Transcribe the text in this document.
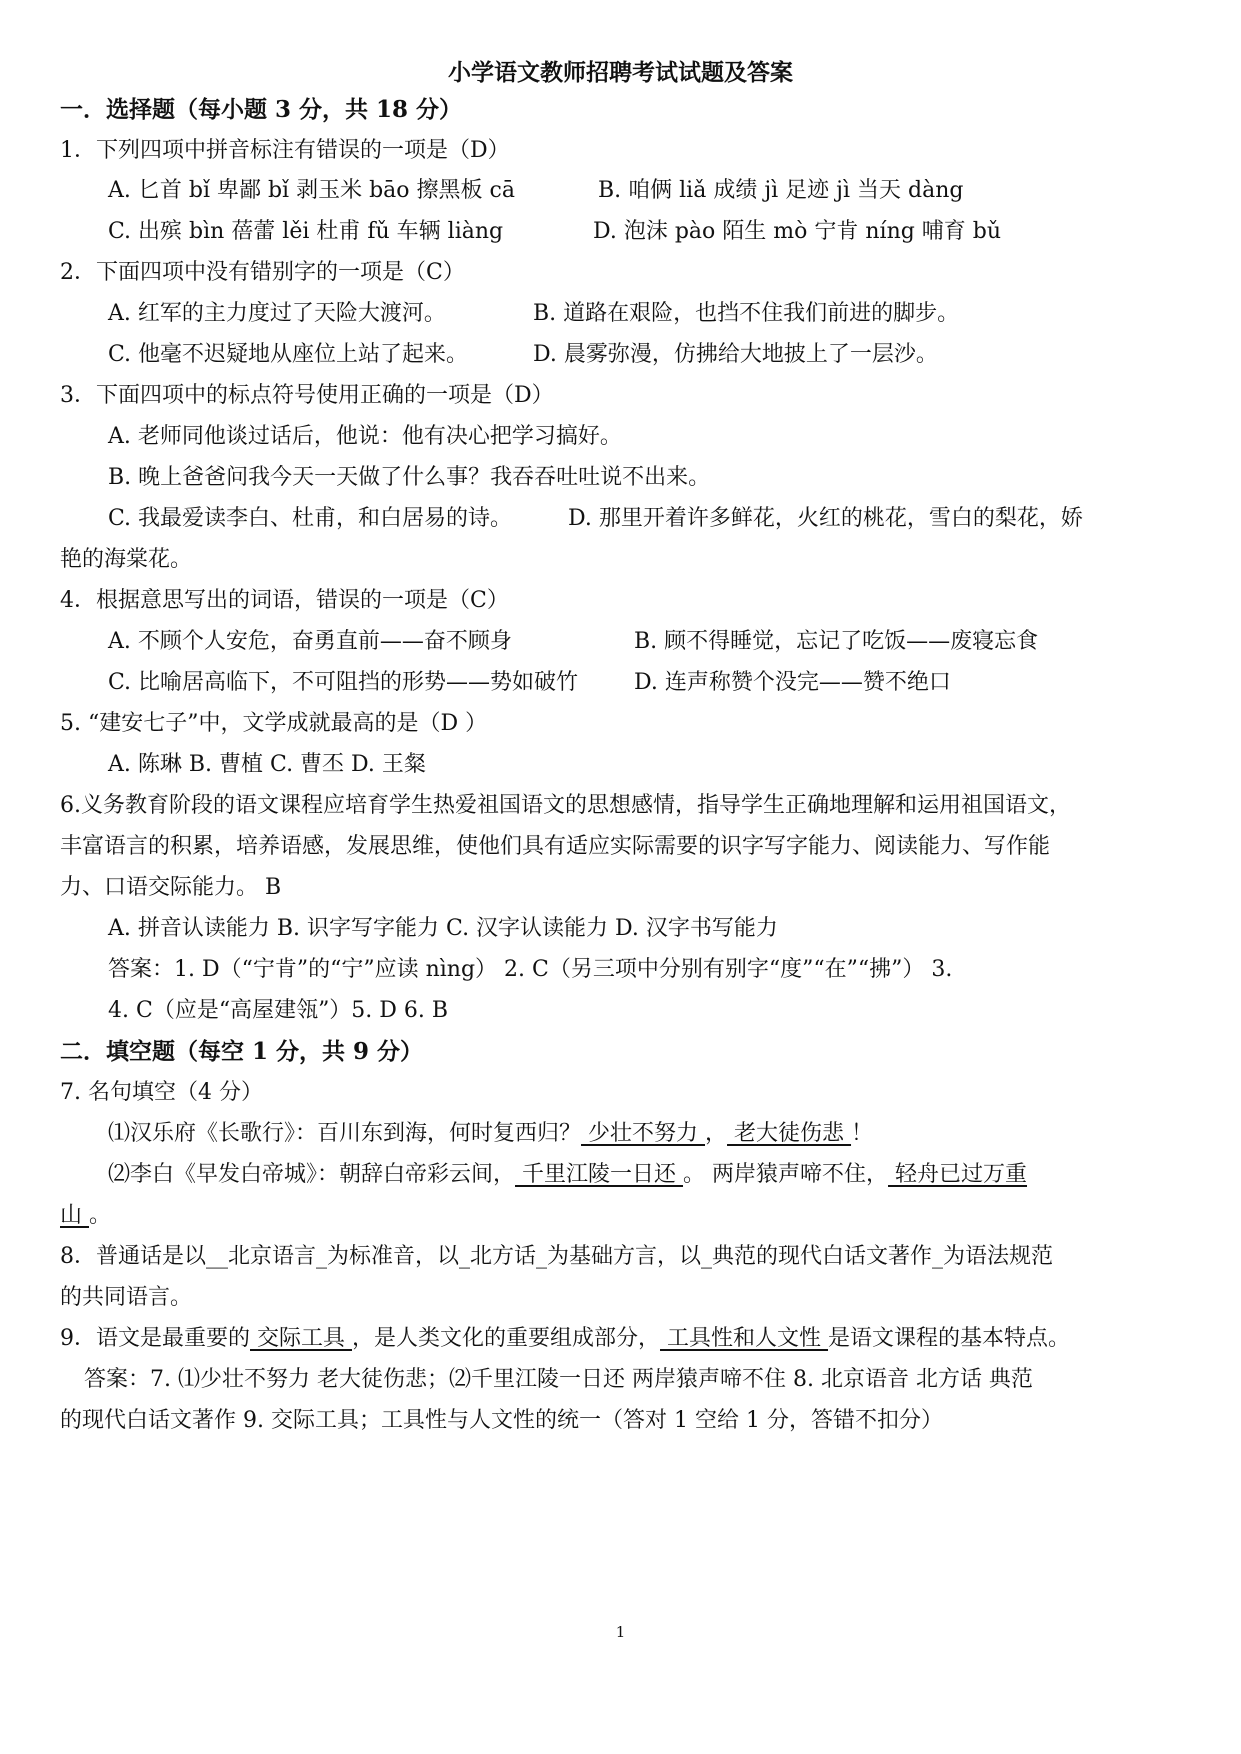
小学语文教师招聘考试试题及答案
一．选择题（每小题 3 分，共 18 分）
1．下列四项中拼音标注有错误的一项是（D）
A. 匕首 bǐ 卑鄙 bǐ 剥玉米 bāo 擦黑板 cā	B. 咱俩 liǎ 成绩 jì 足迹 jì 当天 dàng
C. 出殡 bìn 蓓蕾 lěi 杜甫 fǔ 车辆 liàng	D. 泡沫 pào 陌生 mò 宁肯 níng 哺育 bǔ
2．下面四项中没有错别字的一项是（C）
A. 红军的主力度过了天险大渡河。	B. 道路在艰险，也挡不住我们前进的脚步。
C. 他毫不迟疑地从座位上站了起来。	D. 晨雾弥漫，仿拂给大地披上了一层沙。
3．下面四项中的标点符号使用正确的一项是（D）
A. 老师同他谈过话后，他说：他有决心把学习搞好。
B. 晚上爸爸问我今天一天做了什么事？我吞吞吐吐说不出来。
C. 我最爱读李白、杜甫，和白居易的诗。	D. 那里开着许多鲜花，火红的桃花，雪白的梨花，娇
艳的海棠花。
4．根据意思写出的词语，错误的一项是（C）
A. 不顾个人安危，奋勇直前——奋不顾身	B. 顾不得睡觉，忘记了吃饭——废寝忘食
C. 比喻居高临下，不可阻挡的形势——势如破竹	D. 连声称赞个没完——赞不绝口
5. “建安七子”中，文学成就最高的是（D ）
A. 陈琳 B. 曹植 C. 曹丕 D. 王粲
6.义务教育阶段的语文课程应培育学生热爱祖国语文的思想感情，指导学生正确地理解和运用祖国语文，
丰富语言的积累，培养语感，发展思维，使他们具有适应实际需要的识字写字能力、阅读能力、写作能
力、口语交际能力。 B
A. 拼音认读能力 B. 识字写字能力 C. 汉字认读能力 D. 汉字书写能力
答案：1. D（“宁肯”的“宁”应读 nìng） 2. C（另三项中分别有别字“度”“在”“拂”） 3.
4. C（应是“高屋建瓴”）5. D 6. B
二．填空题（每空 1 分，共 9 分）
7. 名句填空（4 分）
⑴汉乐府《长歌行》：百川东到海，何时复西归？ 少壮不努力 ， 老大徒伤悲 ！
⑵李白《早发白帝城》：朝辞白帝彩云间， 千里江陵一日还 。 两岸猿声啼不住， 轻舟已过万重
山 。
8．普通话是以__北京语言_为标准音，以_北方话_为基础方言，以_典范的现代白话文著作_为语法规范
的共同语言。
9．语文是最重要的 交际工具 ，是人类文化的重要组成部分， 工具性和人文性 是语文课程的基本特点。
答案：7. ⑴少壮不努力 老大徒伤悲；⑵千里江陵一日还 两岸猿声啼不住 8. 北京语音 北方话 典范
的现代白话文著作 9. 交际工具；工具性与人文性的统一（答对 1 空给 1 分，答错不扣分）
1
